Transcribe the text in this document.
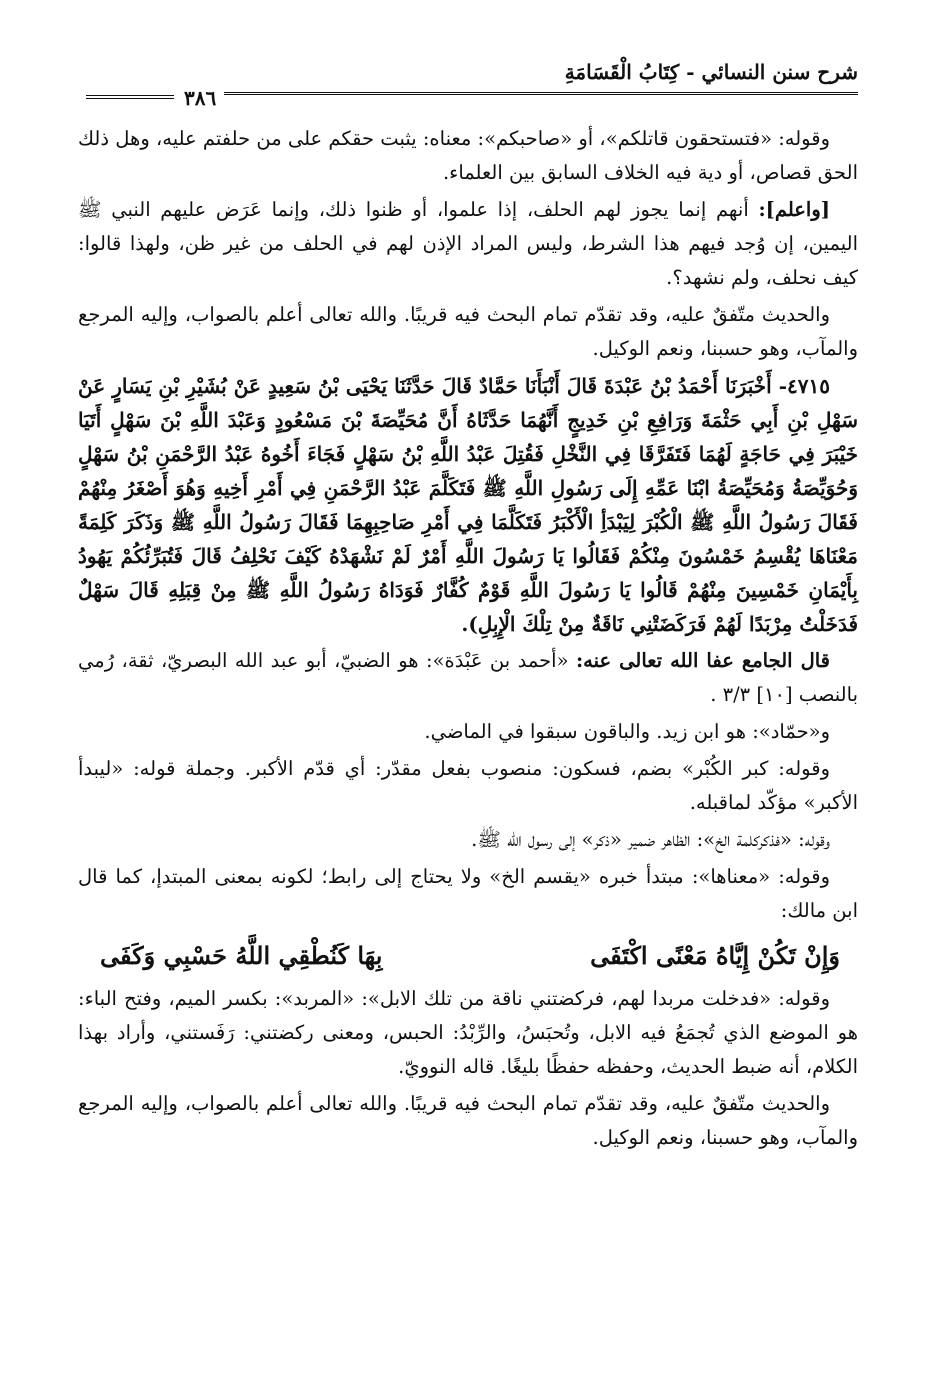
شرح سنن النسائي - كِتَابُ الْقَسَامَةِ
٣٨٦

وقوله: «فتستحقون قاتلكم»، أو «صاحبكم»: معناه: يثبت حقكم على من حلفتم عليه، وهل ذلك الحق قصاص، أو دية فيه الخلاف السابق بين العلماء.

[واعلم]: أنهم إنما يجوز لهم الحلف، إذا علموا، أو ظنوا ذلك، وإنما عَرَض عليهم النبي ﷺ اليمين، إن وُجد فيهم هذا الشرط، وليس المراد الإذن لهم في الحلف من غير ظن، ولهذا قالوا: كيف نحلف، ولم نشهد؟.

والحديث متّفقٌ عليه، وقد تقدّم تمام البحث فيه قريبًا. والله تعالى أعلم بالصواب، وإليه المرجع والمآب، وهو حسبنا، ونعم الوكيل.

٤٧١٥- أَخْبَرَنَا أَحْمَدُ بْنُ عَبْدَةَ قَالَ أَنْبَأَنَا حَمَّادٌ قَالَ حَدَّثَنَا يَحْيَى بْنُ سَعِيدٍ عَنْ بُشَيْرِ بْنِ يَسَارٍ عَنْ سَهْلِ بْنِ أَبِي حَثْمَةَ وَرَافِعِ بْنِ خَدِيجٍ أَنَّهُمَا حَدَّثَاهُ أَنَّ مُحَيِّصَةَ بْنَ مَسْعُودٍ وَعَبْدَ اللَّهِ بْنَ سَهْلٍ أَتَيَا خَيْبَرَ فِي حَاجَةٍ لَهُمَا فَتَفَرَّقَا فِي النَّخْلِ فَقُتِلَ عَبْدُ اللَّهِ بْنُ سَهْلٍ فَجَاءَ أَخُوهُ عَبْدُ الرَّحْمَنِ بْنُ سَهْلٍ وَحُوَيِّصَةُ وَمُحَيِّصَةُ ابْنَا عَمِّهِ إِلَى رَسُولِ اللَّهِ ﷺ فَتَكَلَّمَ عَبْدُ الرَّحْمَنِ فِي أَمْرِ أَخِيهِ وَهُوَ أَصْغَرُ مِنْهُمْ فَقَالَ رَسُولُ اللَّهِ ﷺ الْكُبْرَ لِيَبْدَأِ الْأَكْبَرُ فَتَكَلَّمَا فِي أَمْرِ صَاحِبِهِمَا فَقَالَ رَسُولُ اللَّهِ ﷺ وَذَكَرَ كَلِمَةً مَعْنَاهَا يُقْسِمُ خَمْسُونَ مِنْكُمْ فَقَالُوا يَا رَسُولَ اللَّهِ أَمْرٌ لَمْ نَشْهَدْهُ كَيْفَ نَحْلِفُ قَالَ فَتُبَرِّئُكُمْ يَهُودُ بِأَيْمَانِ خَمْسِينَ مِنْهُمْ قَالُوا يَا رَسُولَ اللَّهِ قَوْمٌ كُفَّارٌ فَوَدَاهُ رَسُولُ اللَّهِ ﷺ مِنْ قِبَلِهِ قَالَ سَهْلٌ فَدَخَلْتُ مِرْبَدًا لَهُمْ فَرَكَضَتْنِي نَاقَةٌ مِنْ تِلْكَ الْإِبِلِ).

قال الجامع عفا الله تعالى عنه: «أحمد بن عَبْدَة»: هو الضبيّ، أبو عبد الله البصريّ، ثقة، رُمي بالنصب [١٠] ٣/٣ .

و«حمّاد»: هو ابن زيد. والباقون سبقوا في الماضي.

وقوله: كبر الكُبْر» بضم، فسكون: منصوب بفعل مقدّر: أي قدّم الأكبر. وجملة قوله: «ليبدأ الأكبر» مؤكّد لماقبله.

وقوله: «فذكركلمة الخ»: الظاهر ضمير «ذكر» إلى رسول الله ﷺ.

وقوله: «معناها»: مبتدأ خبره «يقسم الخ» ولا يحتاج إلى رابط؛ لكونه بمعنى المبتدإ، كما قال ابن مالك:

وَإِنْ تَكُنْ إِيَّاهُ مَعْنًى اكْتَفَى
بِهَا كَنُطْقِي اللَّهُ حَسْبِي وَكَفَى

وقوله: «فدخلت مربدا لهم، فركضتني ناقة من تلك الابل»: «المربد»: بكسر الميم، وفتح الباء: هو الموضع الذي تُجمَعُ فيه الابل، وتُحبَسُ، والرِّبْدُ: الحبس، ومعنى ركضتني: رَفَستني، وأراد بهذا الكلام، أنه ضبط الحديث، وحفظه حفظًا بليغًا. قاله النوويّ.

والحديث متّفقٌ عليه، وقد تقدّم تمام البحث فيه قريبًا. والله تعالى أعلم بالصواب، وإليه المرجع والمآب، وهو حسبنا، ونعم الوكيل.
